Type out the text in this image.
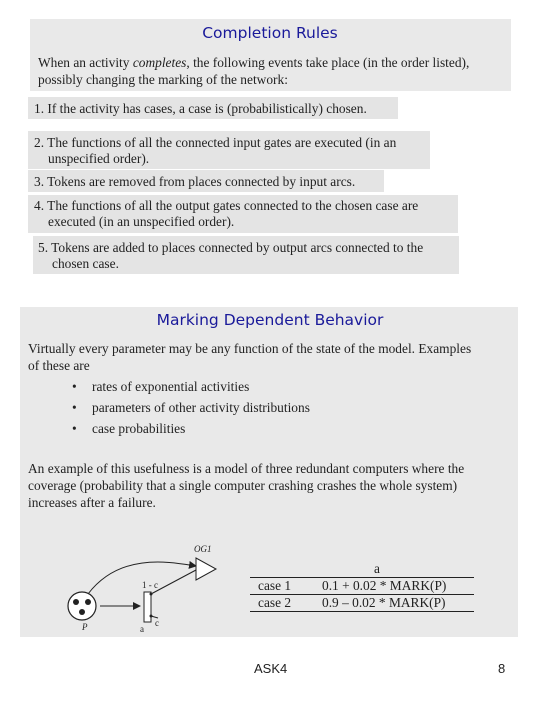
Completion Rules
When an activity completes, the following events take place (in the order listed),
possibly changing the marking of the network:
1. If the activity has cases, a case is (probabilistically) chosen.
2. The functions of all the connected input gates are executed (in an
unspecified order).
3. Tokens are removed from places connected by input arcs.
4. The functions of all the output gates connected to the chosen case are
executed (in an unspecified order).
5. Tokens are added to places connected by output arcs connected to the
chosen case.
Marking Dependent Behavior
Virtually every parameter may be any function of the state of the model. Examples
of these are
• rates of exponential activities
• parameters of other activity distributions
• case probabilities
An example of this usefulness is a model of three redundant computers where the
coverage (probability that a single computer crashing crashes the whole system)
increases after a failure.
OG1
1 - c
c
P	a
a
case 1	0.1 + 0.02 * MARK(P)
case 2	0.9 – 0.02 * MARK(P)
ASK4	8
